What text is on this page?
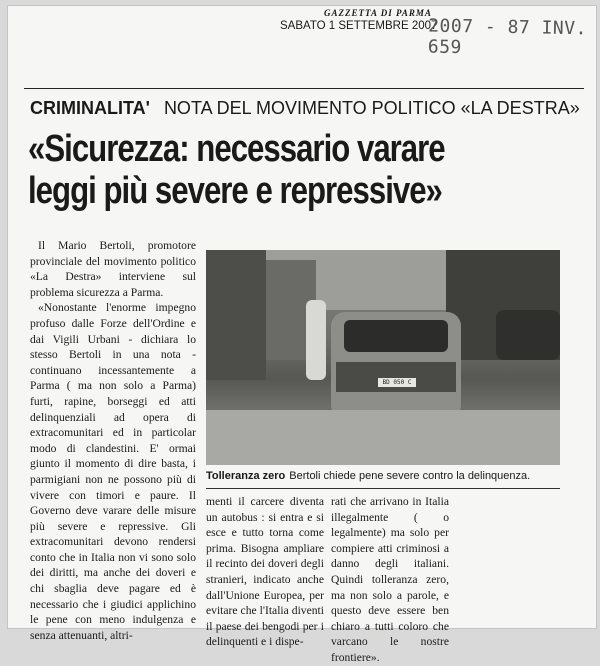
GAZZETTA DI PARMA
SABATO 1 SETTEMBRE 2007
2007 - 87 INV. 659
CRIMINALITA' NOTA DEL MOVIMENTO POLITICO «LA DESTRA»
«Sicurezza: necessario varare
leggi più severe e repressive»

Il Mario Bertoli, promotore provinciale del movimento politico «La Destra» interviene sul problema sicurezza a Parma.

«Nonostante l'enorme impegno profuso dalle Forze dell'Ordine e dai Vigili Urbani - dichiara lo stesso Bertoli in una nota - continuano incessantemente a Parma ( ma non solo a Parma) furti, rapine, borseggi ed atti delinquenziali ad opera di extracomunitari ed in particolar modo di clandestini. E' ormai giunto il momento di dire basta, i parmigiani non ne possono più di vivere con timori e paure. Il Governo deve varare delle misure più severe e repressive. Gli extracomunitari devono rendersi conto che in Italia non vi sono solo dei diritti, ma anche dei doveri e chi sbaglia deve pagare ed è necessario che i giudici applichino le pene con meno indulgenza e senza attenuanti, altri-

BD 050 C
Tolleranza zero Bertoli chiede pene severe contro la delinquenza.

menti il carcere diventa un autobus : si entra e si esce e tutto torna come prima. Bisogna ampliare il recinto dei doveri degli stranieri, indicato anche dall'Unione Europea, per evitare che l'Italia diventi il paese dei bengodi per i delinquenti e i dispe-

rati che arrivano in Italia illegalmente ( o legalmente) ma solo per compiere atti criminosi a danno degli italiani. Quindi tolleranza zero, ma non solo a parole, e questo deve essere ben chiaro a tutti coloro che varcano le nostre frontiere».
